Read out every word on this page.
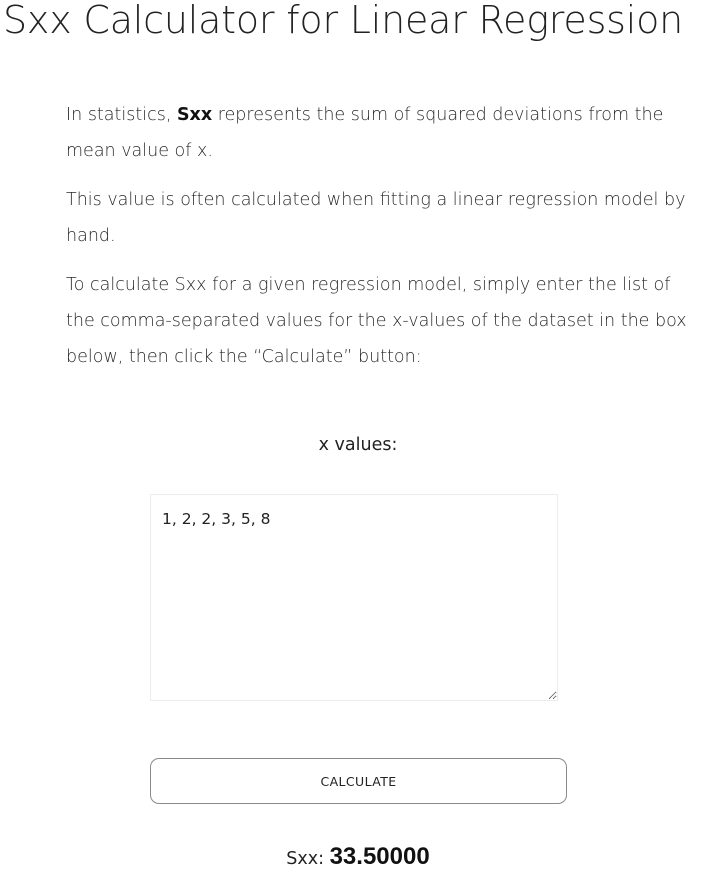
Sxx Calculator for Linear Regression

In statistics, Sxx represents the sum of squared deviations from the mean value of x.

This value is often calculated when fitting a linear regression model by hand.

To calculate Sxx for a given regression model, simply enter the list of the comma-separated values for the x-values of the dataset in the box below, then click the “Calculate” button:

x values:
1, 2, 2, 3, 5, 8
CALCULATE
Sxx: 33.50000
